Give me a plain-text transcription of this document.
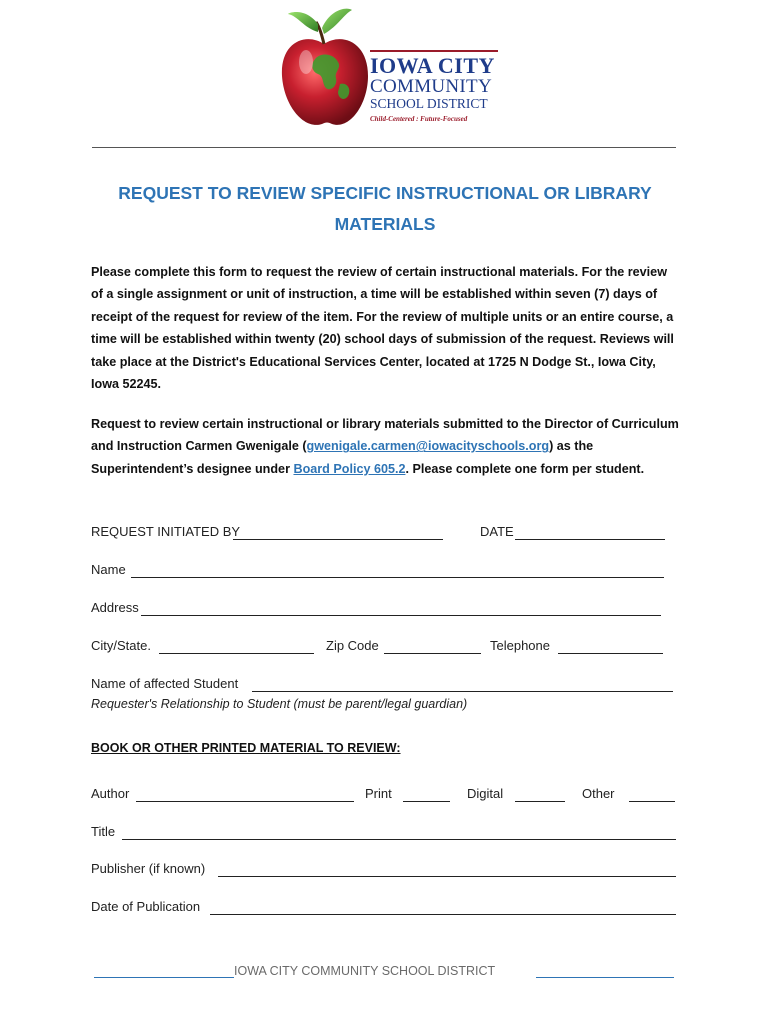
IOWA CITY
COMMUNITY
SCHOOL DISTRICT
Child-Centered : Future-Focused
REQUEST TO REVIEW SPECIFIC INSTRUCTIONAL OR LIBRARY MATERIALS
Please complete this form to request the review of certain instructional materials. For the review of a single assignment or unit of instruction, a time will be established within seven (7) days of receipt of the request for review of the item. For the review of multiple units or an entire course, a time will be established within twenty (20) school days of submission of the request. Reviews will take place at the District's Educational Services Center, located at 1725 N Dodge St., Iowa City, Iowa 52245.
Request to review certain instructional or library materials submitted to the Director of Curriculum and Instruction Carmen Gwenigale (gwenigale.carmen@iowacityschools.org) as the Superintendent’s designee under Board Policy 605.2. Please complete one form per student.
REQUEST INITIATED BY	DATE
Name
Address
City/State.	Zip Code	Telephone
Name of affected Student
Requester's Relationship to Student (must be parent/legal guardian)
BOOK OR OTHER PRINTED MATERIAL TO REVIEW:
Author	Print	Digital	Other
Title
Publisher (if known)
Date of Publication
IOWA CITY COMMUNITY SCHOOL DISTRICT
